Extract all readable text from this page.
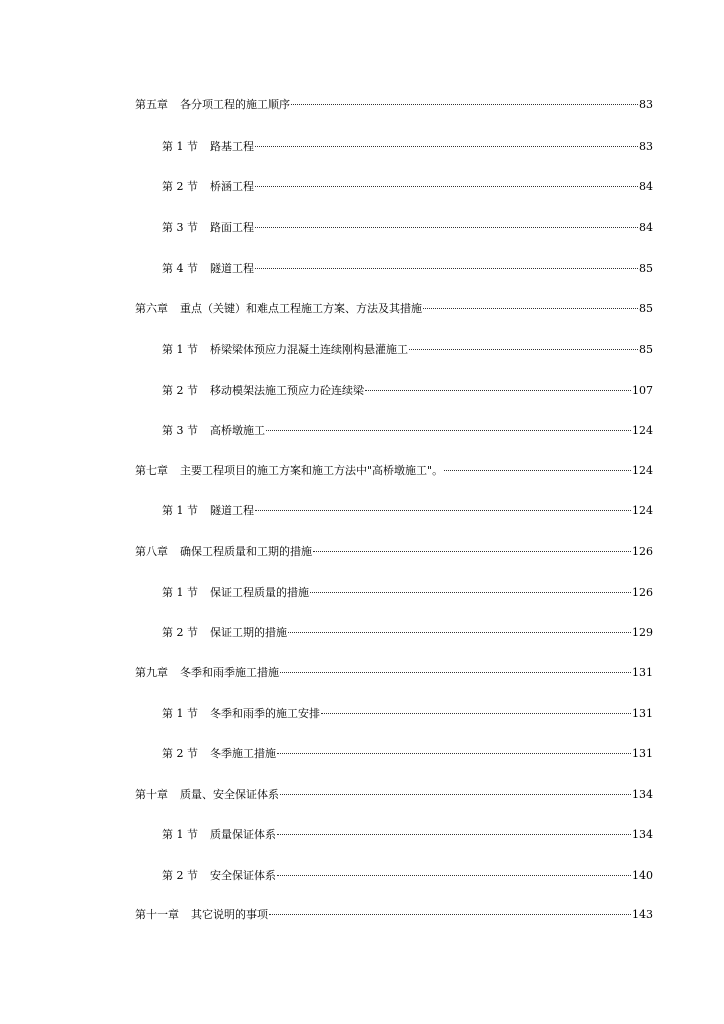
第五章 各分项工程的施工顺序	83
第 1 节 路基工程	83
第 2 节 桥涵工程	84
第 3 节 路面工程	84
第 4 节 隧道工程	85
第六章 重点（关键）和难点工程施工方案、方法及其措施	85
第 1 节 桥梁梁体预应力混凝土连续刚构悬灌施工	85
第 2 节 移动模架法施工预应力砼连续梁	107
第 3 节 高桥墩施工	124
第七章 主要工程项目的施工方案和施工方法中"高桥墩施工"。	124
第 1 节 隧道工程	124
第八章 确保工程质量和工期的措施	126
第 1 节 保证工程质量的措施	126
第 2 节 保证工期的措施	129
第九章 冬季和雨季施工措施	131
第 1 节 冬季和雨季的施工安排	131
第 2 节 冬季施工措施	131
第十章 质量、安全保证体系	134
第 1 节 质量保证体系	134
第 2 节 安全保证体系	140
第十一章 其它说明的事项	143
